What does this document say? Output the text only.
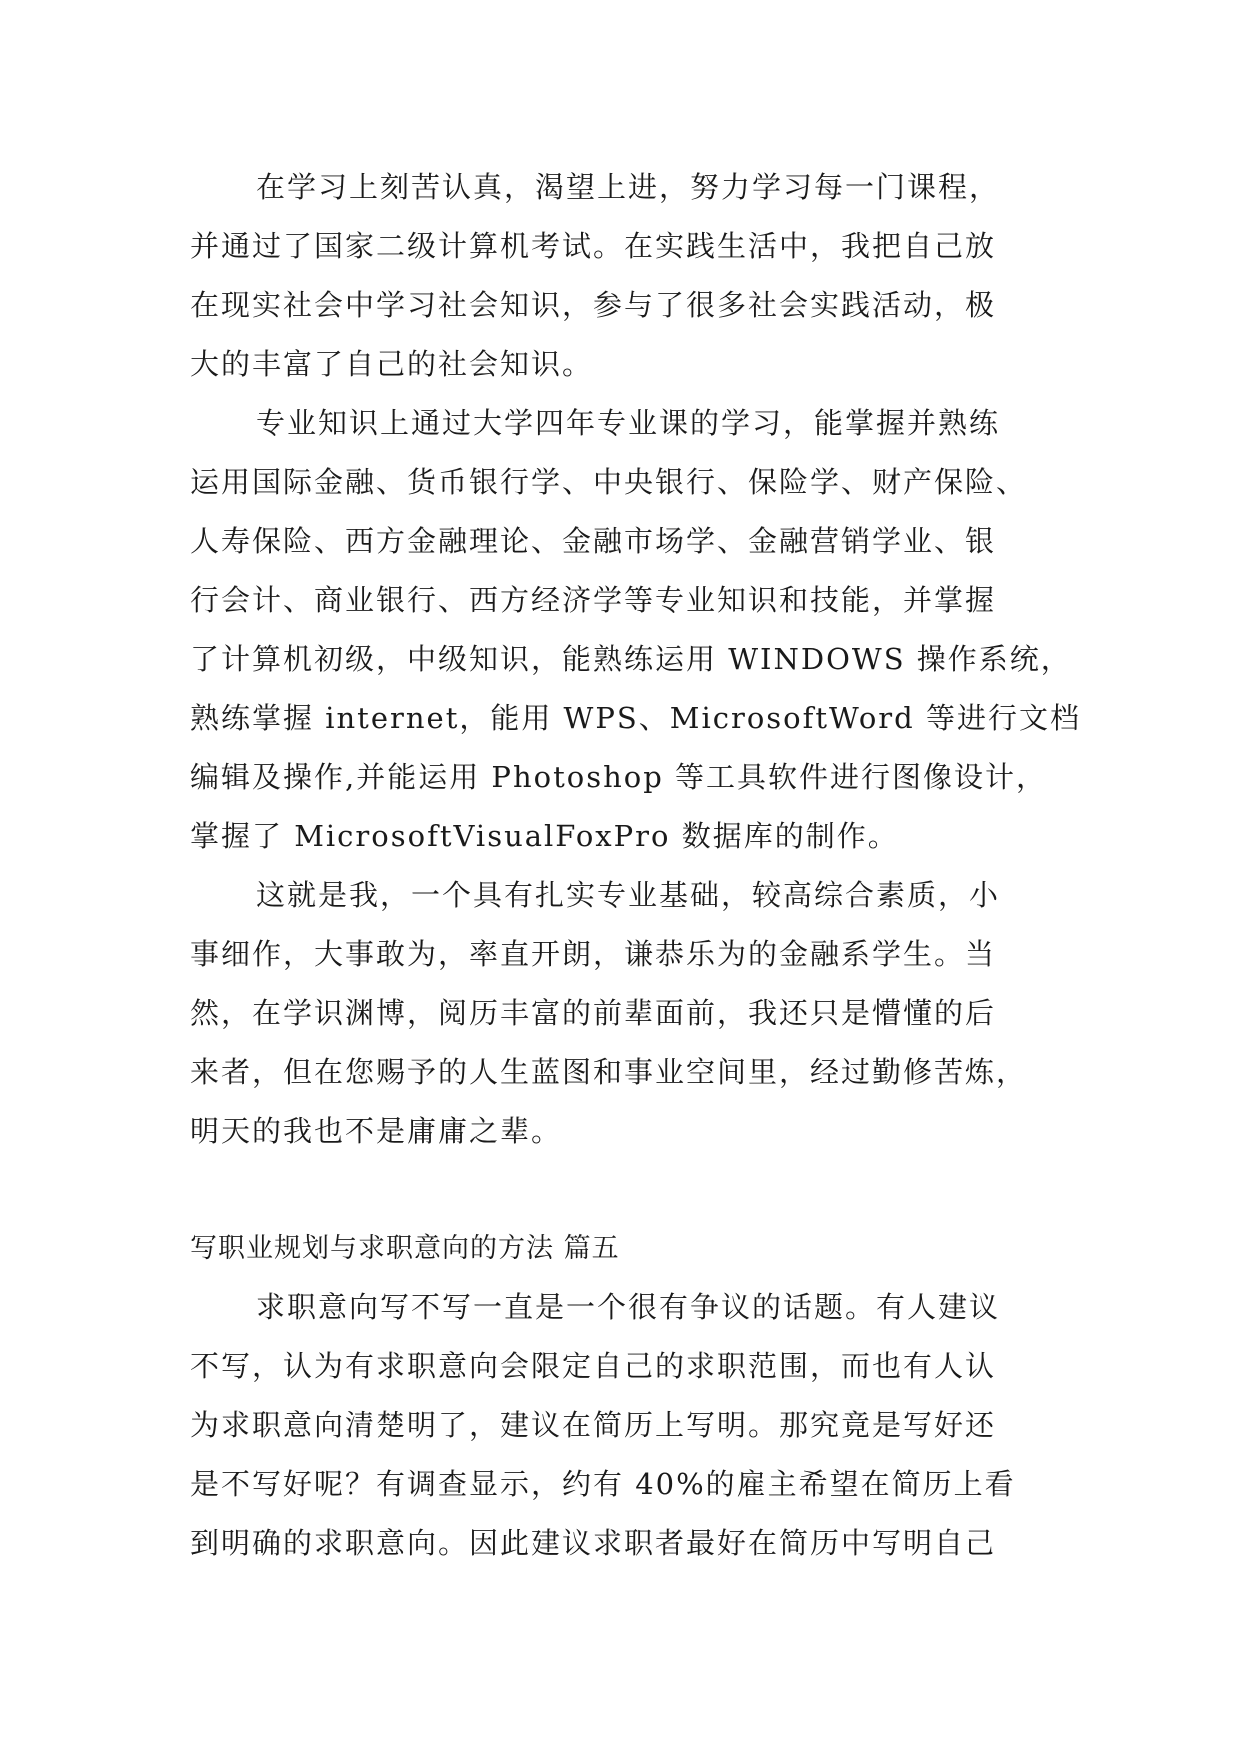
在学习上刻苦认真，渴望上进，努力学习每一门课程，
并通过了国家二级计算机考试。在实践生活中，我把自己放
在现实社会中学习社会知识，参与了很多社会实践活动，极
大的丰富了自己的社会知识。
专业知识上通过大学四年专业课的学习，能掌握并熟练
运用国际金融、货币银行学、中央银行、保险学、财产保险、
人寿保险、西方金融理论、金融市场学、金融营销学业、银
行会计、商业银行、西方经济学等专业知识和技能，并掌握
了计算机初级，中级知识，能熟练运用 WINDOWS 操作系统，
熟练掌握 internet，能用 WPS、MicrosoftWord 等进行文档
编辑及操作,并能运用 Photoshop 等工具软件进行图像设计，
掌握了 MicrosoftVisualFoxPro 数据库的制作。
这就是我，一个具有扎实专业基础，较高综合素质，小
事细作，大事敢为，率直开朗，谦恭乐为的金融系学生。当
然，在学识渊博，阅历丰富的前辈面前，我还只是懵懂的后
来者，但在您赐予的人生蓝图和事业空间里，经过勤修苦炼，
明天的我也不是庸庸之辈。
写职业规划与求职意向的方法 篇五
求职意向写不写一直是一个很有争议的话题。有人建议
不写，认为有求职意向会限定自己的求职范围，而也有人认
为求职意向清楚明了，建议在简历上写明。那究竟是写好还
是不写好呢？有调查显示，约有 40%的雇主希望在简历上看
到明确的求职意向。因此建议求职者最好在简历中写明自己
